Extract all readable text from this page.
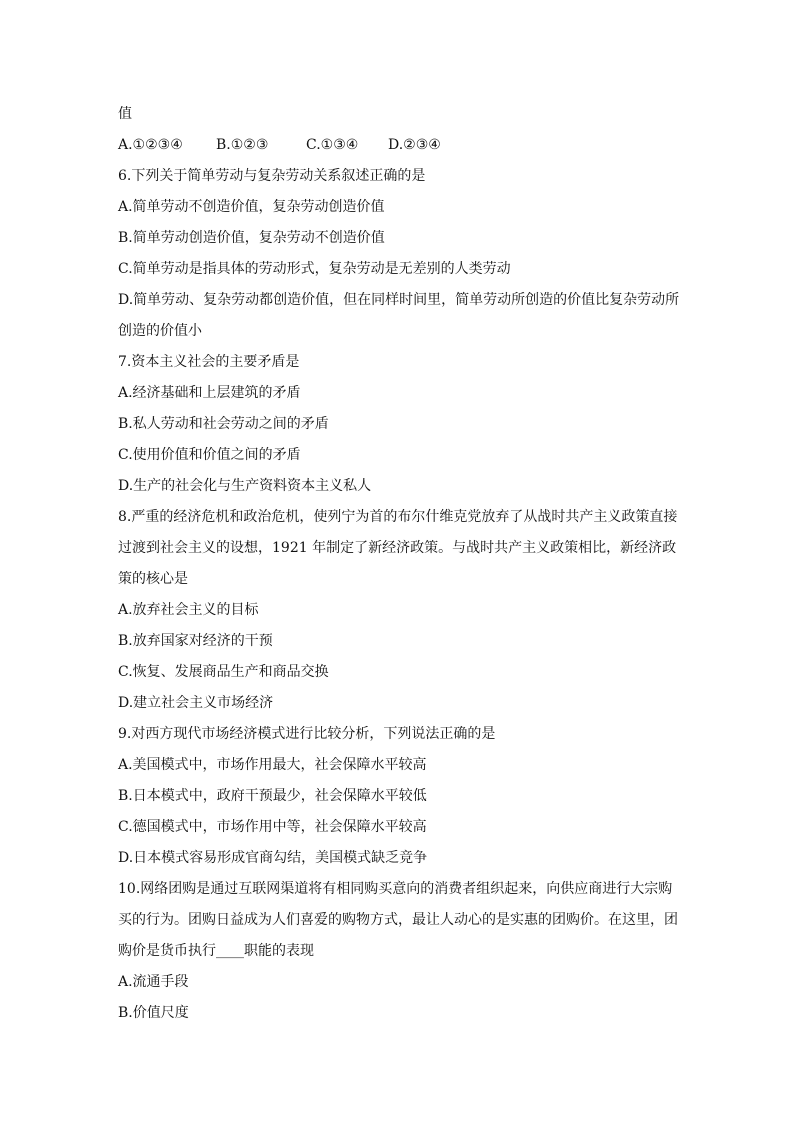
值
A.①②③④	B.①②③	C.①③④	D.②③④
6.下列关于简单劳动与复杂劳动关系叙述正确的是
A.简单劳动不创造价值，复杂劳动创造价值
B.简单劳动创造价值，复杂劳动不创造价值
C.简单劳动是指具体的劳动形式，复杂劳动是无差别的人类劳动
D.简单劳动、复杂劳动都创造价值，但在同样时间里，简单劳动所创造的价值比复杂劳动所
创造的价值小
7.资本主义社会的主要矛盾是
A.经济基础和上层建筑的矛盾
B.私人劳动和社会劳动之间的矛盾
C.使用价值和价值之间的矛盾
D.生产的社会化与生产资料资本主义私人
8.严重的经济危机和政治危机，使列宁为首的布尔什维克党放弃了从战时共产主义政策直接
过渡到社会主义的设想，1921 年制定了新经济政策。与战时共产主义政策相比，新经济政
策的核心是
A.放弃社会主义的目标
B.放弃国家对经济的干预
C.恢复、发展商品生产和商品交换
D.建立社会主义市场经济
9.对西方现代市场经济模式进行比较分析，下列说法正确的是
A.美国模式中，市场作用最大，社会保障水平较高
B.日本模式中，政府干预最少，社会保障水平较低
C.德国模式中，市场作用中等，社会保障水平较高
D.日本模式容易形成官商勾结，美国模式缺乏竞争
10.网络团购是通过互联网渠道将有相同购买意向的消费者组织起来，向供应商进行大宗购
买的行为。团购日益成为人们喜爱的购物方式，最让人动心的是实惠的团购价。在这里，团
购价是货币执行____职能的表现
A.流通手段
B.价值尺度
